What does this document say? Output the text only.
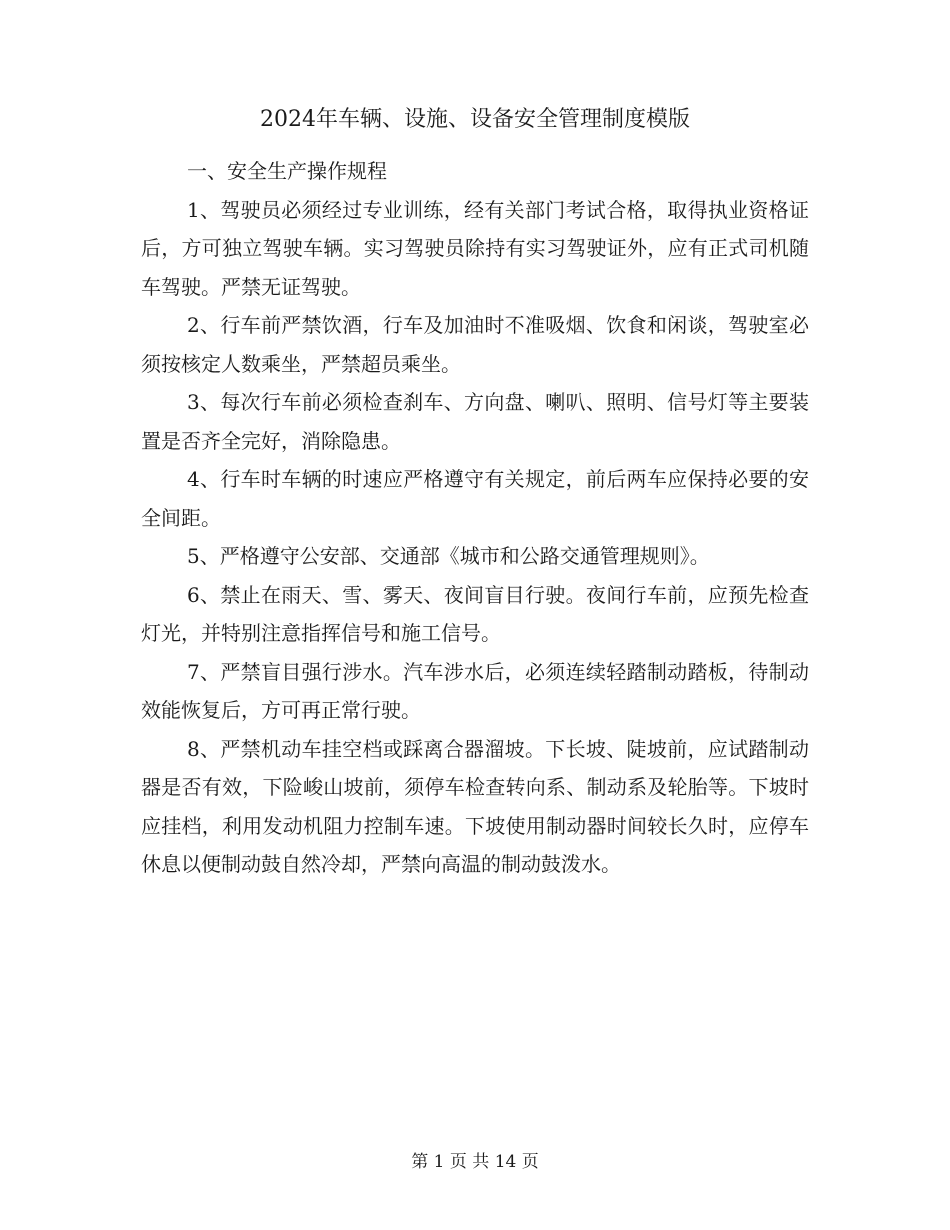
2024年车辆、设施、设备安全管理制度模版

一、安全生产操作规程

1、驾驶员必须经过专业训练，经有关部门考试合格，取得执业资格证后，方可独立驾驶车辆。实习驾驶员除持有实习驾驶证外，应有正式司机随车驾驶。严禁无证驾驶。

2、行车前严禁饮酒，行车及加油时不准吸烟、饮食和闲谈，驾驶室必须按核定人数乘坐，严禁超员乘坐。

3、每次行车前必须检查刹车、方向盘、喇叭、照明、信号灯等主要装置是否齐全完好，消除隐患。

4、行车时车辆的时速应严格遵守有关规定，前后两车应保持必要的安全间距。

5、严格遵守公安部、交通部《城市和公路交通管理规则》。

6、禁止在雨天、雪、雾天、夜间盲目行驶。夜间行车前，应预先检查灯光，并特别注意指挥信号和施工信号。

7、严禁盲目强行涉水。汽车涉水后，必须连续轻踏制动踏板，待制动效能恢复后，方可再正常行驶。

8、严禁机动车挂空档或踩离合器溜坡。下长坡、陡坡前，应试踏制动器是否有效，下险峻山坡前，须停车检查转向系、制动系及轮胎等。下坡时应挂档，利用发动机阻力控制车速。下坡使用制动器时间较长久时，应停车休息以便制动鼓自然冷却，严禁向高温的制动鼓泼水。

第 1 页 共 14 页
